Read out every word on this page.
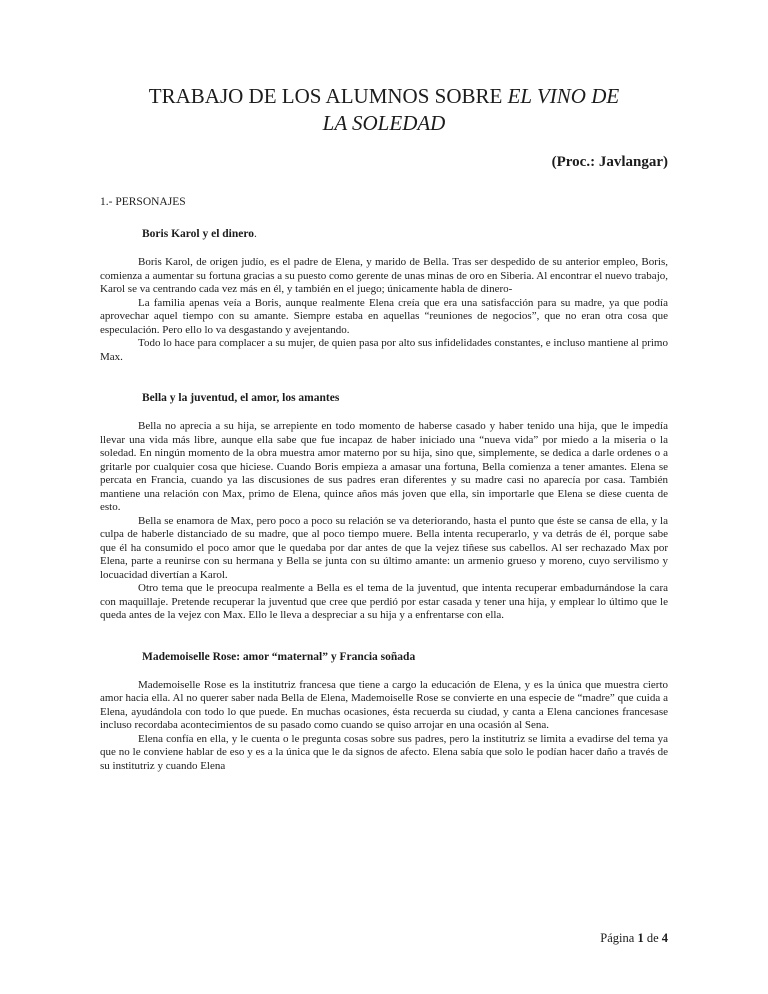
TRABAJO DE LOS ALUMNOS SOBRE EL VINO DE
LA SOLEDAD
(Proc.: Javlangar)
1.- PERSONAJES
Boris Karol y el dinero.

Boris Karol, de origen judío, es el padre de Elena, y marido de Bella. Tras ser despedido de su anterior empleo, Boris, comienza a aumentar su fortuna gracias a su puesto como gerente de unas minas de oro en Siberia. Al encontrar el nuevo trabajo, Karol se va centrando cada vez más en él, y también en el juego; únicamente habla de dinero-

La familia apenas veía a Boris, aunque realmente Elena creía que era una satisfacción para su madre, ya que podía aprovechar aquel tiempo con su amante. Siempre estaba en aquellas “reuniones de negocios”, que no eran otra cosa que especulación. Pero ello lo va desgastando y avejentando.

Todo lo hace para complacer a su mujer, de quien pasa por alto sus infidelidades constantes, e incluso mantiene al primo Max.

Bella y la juventud, el amor, los amantes

Bella no aprecia a su hija, se arrepiente en todo momento de haberse casado y haber tenido una hija, que le impedía llevar una vida más libre, aunque ella sabe que fue incapaz de haber iniciado una “nueva vida” por miedo a la miseria o la soledad. En ningún momento de la obra muestra amor materno por su hija, sino que, simplemente, se dedica a darle ordenes o a gritarle por cualquier cosa que hiciese. Cuando Boris empieza a amasar una fortuna, Bella comienza a tener amantes. Elena se percata en Francia, cuando ya las discusiones de sus padres eran diferentes y su madre casi no aparecía por casa. También mantiene una relación con Max, primo de Elena, quince años más joven que ella, sin importarle que Elena se diese cuenta de esto.

Bella se enamora de Max, pero poco a poco su relación se va deteriorando, hasta el punto que éste se cansa de ella, y la culpa de haberle distanciado de su madre, que al poco tiempo muere. Bella intenta recuperarlo, y va detrás de él, porque sabe que él ha consumido el poco amor que le quedaba por dar antes de que la vejez tiñese sus cabellos. Al ser rechazado Max por Elena, parte a reunirse con su hermana y Bella se junta con su último amante: un armenio grueso y moreno, cuyo servilismo y locuacidad divertían a Karol.

Otro tema que le preocupa realmente a Bella es el tema de la juventud, que intenta recuperar embadurnándose la cara con maquillaje. Pretende recuperar la juventud que cree que perdió por estar casada y tener una hija, y emplear lo último que le queda antes de la vejez con Max. Ello le lleva a despreciar a su hija y a enfrentarse con ella.

Mademoiselle Rose: amor “maternal” y Francia soñada

Mademoiselle Rose es la institutriz francesa que tiene a cargo la educación de Elena, y es la única que muestra cierto amor hacia ella. Al no querer saber nada Bella de Elena, Mademoiselle Rose se convierte en una especie de “madre” que cuida a Elena, ayudándola con todo lo que puede. En muchas ocasiones, ésta recuerda su ciudad, y canta a Elena canciones francesase incluso recordaba acontecimientos de su pasado como cuando se quiso arrojar en una ocasión al Sena.

Elena confía en ella, y le cuenta o le pregunta cosas sobre sus padres, pero la institutriz se limita a evadirse del tema ya que no le conviene hablar de eso y es a la única que le da signos de afecto. Elena sabía que solo le podían hacer daño a través de su institutriz y cuando Elena

Página 1 de 4
